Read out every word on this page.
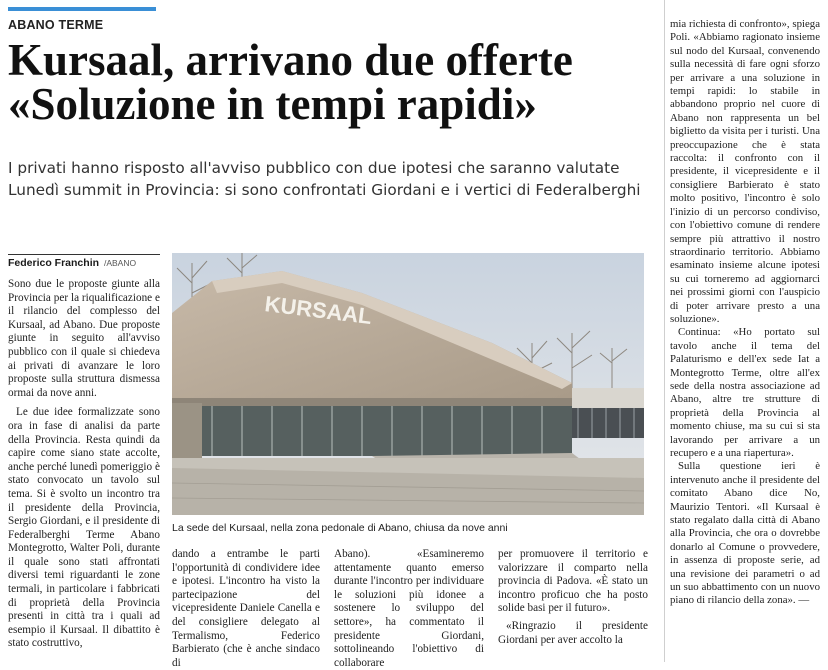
ABANO TERME
Kursaal, arrivano due offerte
«Soluzione in tempi rapidi»
I privati hanno risposto all'avviso pubblico con due ipotesi che saranno valutate
Lunedì summit in Provincia: si sono confrontati Giordani e i vertici di Federalberghi
Federico Franchin /ABANO

Sono due le proposte giunte alla Provincia per la riqualificazione e il rilancio del complesso del Kursaal, ad Abano. Due proposte giunte in seguito all'avviso pubblico con il quale si chiedeva ai privati di avanzare le loro proposte sulla struttura dismessa ormai da nove anni.

Le due idee formalizzate sono ora in fase di analisi da parte della Provincia. Resta quindi da capire come siano state accolte, anche perché lunedì pomeriggio è stato convocato un tavolo sul tema. Si è svolto un incontro tra il presidente della Provincia, Sergio Giordani, e il presidente di Federalberghi Terme Abano Montegrotto, Walter Poli, durante il quale sono stati affrontati diversi temi riguardanti le zone termali, in particolare i fabbricati di proprietà della Provincia presenti in città tra i quali ad esempio il Kursaal. Il dibattito è stato costruttivo,

KURSAAL
La sede del Kursaal, nella zona pedonale di Abano, chiusa da nove anni

dando a entrambe le parti l'opportunità di condividere idee e ipotesi. L'incontro ha visto la partecipazione del vicepresidente Daniele Canella e del consigliere delegato al Termalismo, Federico Barbierato (che è anche sindaco di

Abano). «Esamineremo attentamente quanto emerso durante l'incontro per individuare le soluzioni più idonee a sostenere lo sviluppo del settore», ha commentato il presidente Giordani, sottolineando l'obiettivo di collaborare

per promuovere il territorio e valorizzare il comparto nella provincia di Padova. «È stato un incontro proficuo che ha posto solide basi per il futuro».

«Ringrazio il presidente Giordani per aver accolto la

mia richiesta di confronto», spiega Poli. «Abbiamo ragionato insieme sul nodo del Kursaal, convenendo sulla necessità di fare ogni sforzo per arrivare a una soluzione in tempi rapidi: lo stabile in abbandono proprio nel cuore di Abano non rappresenta un bel biglietto da visita per i turisti. Una preoccupazione che è stata raccolta: il confronto con il presidente, il vicepresidente e il consigliere Barbierato è stato molto positivo, l'incontro è solo l'inizio di un percorso condiviso, con l'obiettivo comune di rendere sempre più attrattivo il nostro straordinario territorio. Abbiamo esaminato insieme alcune ipotesi su cui torneremo ad aggiornarci nei prossimi giorni con l'auspicio di poter arrivare presto a una soluzione».

Continua: «Ho portato sul tavolo anche il tema del Palaturismo e dell'ex sede Iat a Montegrotto Terme, oltre all'ex sede della nostra associazione ad Abano, altre tre strutture di proprietà della Provincia al momento chiuse, ma su cui si sta lavorando per arrivare a un recupero e a una riapertura».

Sulla questione ieri è intervenuto anche il presidente del comitato Abano dice No, Maurizio Tentori. «Il Kursaal è stato regalato dalla città di Abano alla Provincia, che ora o dovrebbe donarlo al Comune o provvedere, in assenza di proposte serie, ad una revisione dei parametri o ad un suo abbattimento con un nuovo piano di rilancio della zona». —
